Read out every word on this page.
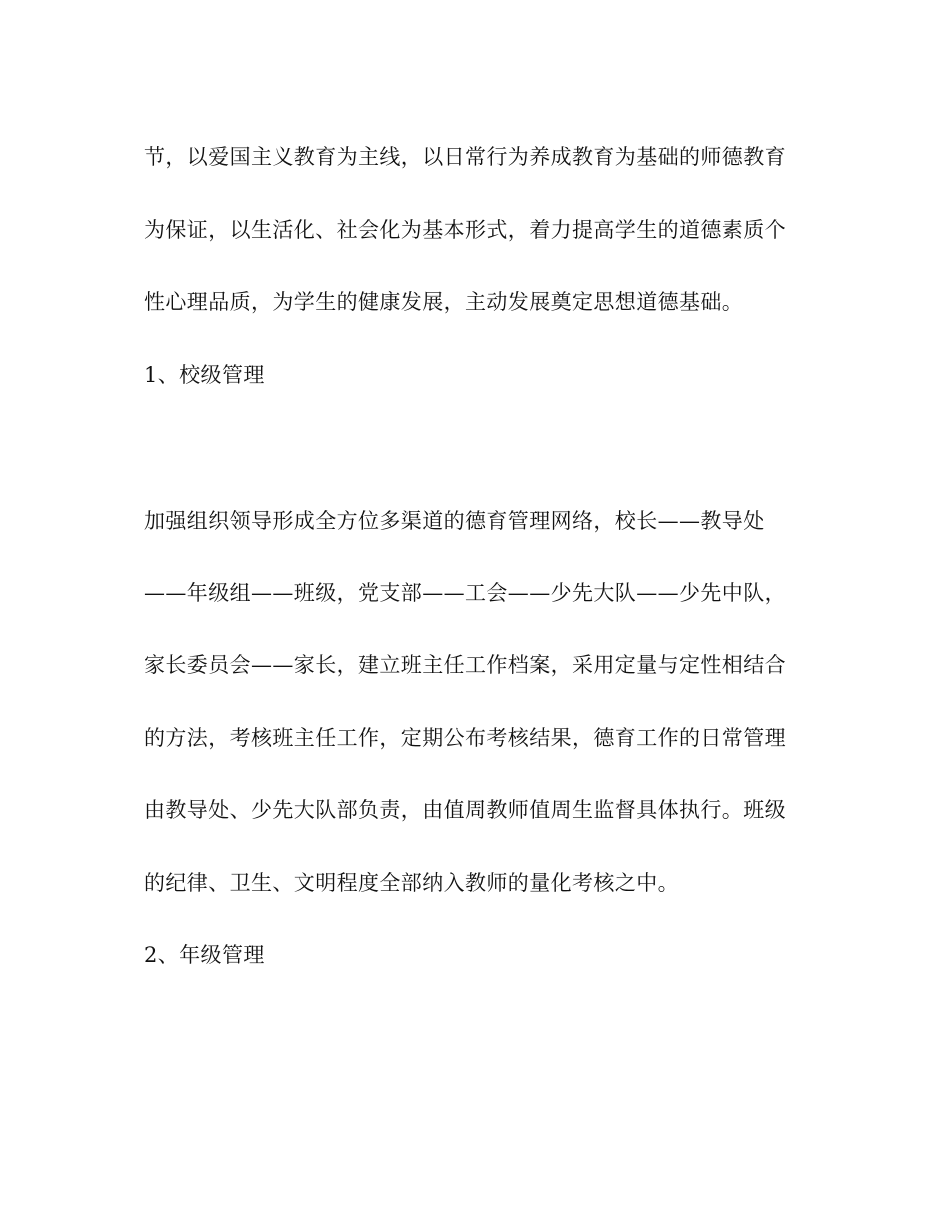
节，以爱国主义教育为主线，以日常行为养成教育为基础的师德教育
为保证，以生活化、社会化为基本形式，着力提高学生的道德素质个
性心理品质，为学生的健康发展，主动发展奠定思想道德基础。
1、校级管理
加强组织领导形成全方位多渠道的德育管理网络，校长——教导处
——年级组——班级，党支部——工会——少先大队——少先中队，
家长委员会——家长，建立班主任工作档案，采用定量与定性相结合
的方法，考核班主任工作，定期公布考核结果，德育工作的日常管理
由教导处、少先大队部负责，由值周教师值周生监督具体执行。班级
的纪律、卫生、文明程度全部纳入教师的量化考核之中。
2、年级管理
